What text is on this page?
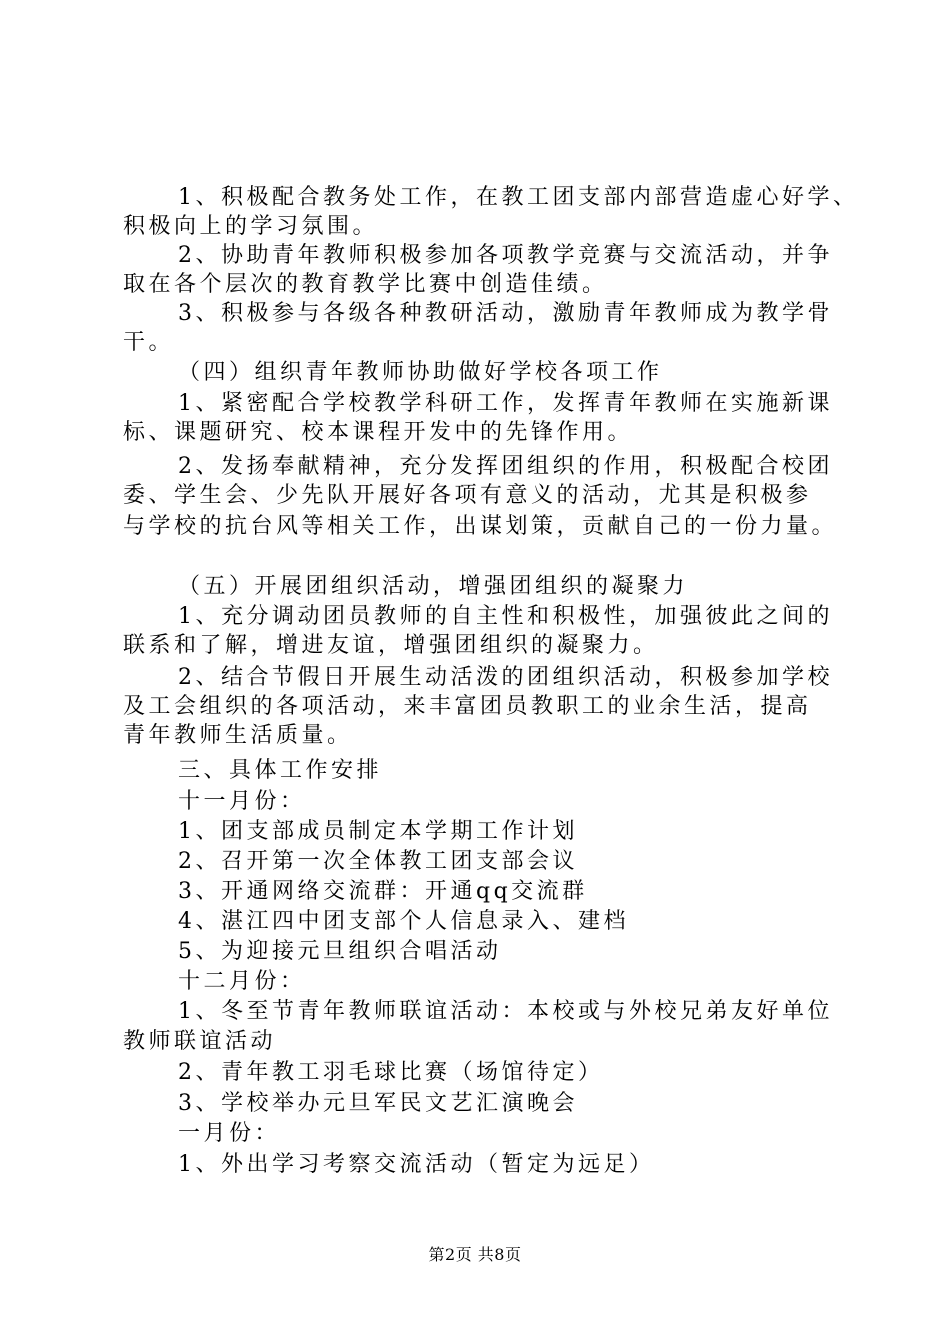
1、积极配合教务处工作，在教工团支部内部营造虚心好学、
积极向上的学习氛围。
2、协助青年教师积极参加各项教学竞赛与交流活动，并争
取在各个层次的教育教学比赛中创造佳绩。
3、积极参与各级各种教研活动，激励青年教师成为教学骨
干。
（四）组织青年教师协助做好学校各项工作
1、紧密配合学校教学科研工作，发挥青年教师在实施新课
标、课题研究、校本课程开发中的先锋作用。
2、发扬奉献精神，充分发挥团组织的作用，积极配合校团
委、学生会、少先队开展好各项有意义的活动，尤其是积极参
与学校的抗台风等相关工作，出谋划策，贡献自己的一份力量。
（五）开展团组织活动，增强团组织的凝聚力
1、充分调动团员教师的自主性和积极性，加强彼此之间的
联系和了解，增进友谊，增强团组织的凝聚力。
2、结合节假日开展生动活泼的团组织活动，积极参加学校
及工会组织的各项活动，来丰富团员教职工的业余生活，提高
青年教师生活质量。
三、具体工作安排
十一月份：
1、团支部成员制定本学期工作计划
2、召开第一次全体教工团支部会议
3、开通网络交流群：开通qq交流群
4、湛江四中团支部个人信息录入、建档
5、为迎接元旦组织合唱活动
十二月份：
1、冬至节青年教师联谊活动：本校或与外校兄弟友好单位
教师联谊活动
2、青年教工羽毛球比赛（场馆待定）
3、学校举办元旦军民文艺汇演晚会
一月份：
1、外出学习考察交流活动（暂定为远足）
第2页 共8页
